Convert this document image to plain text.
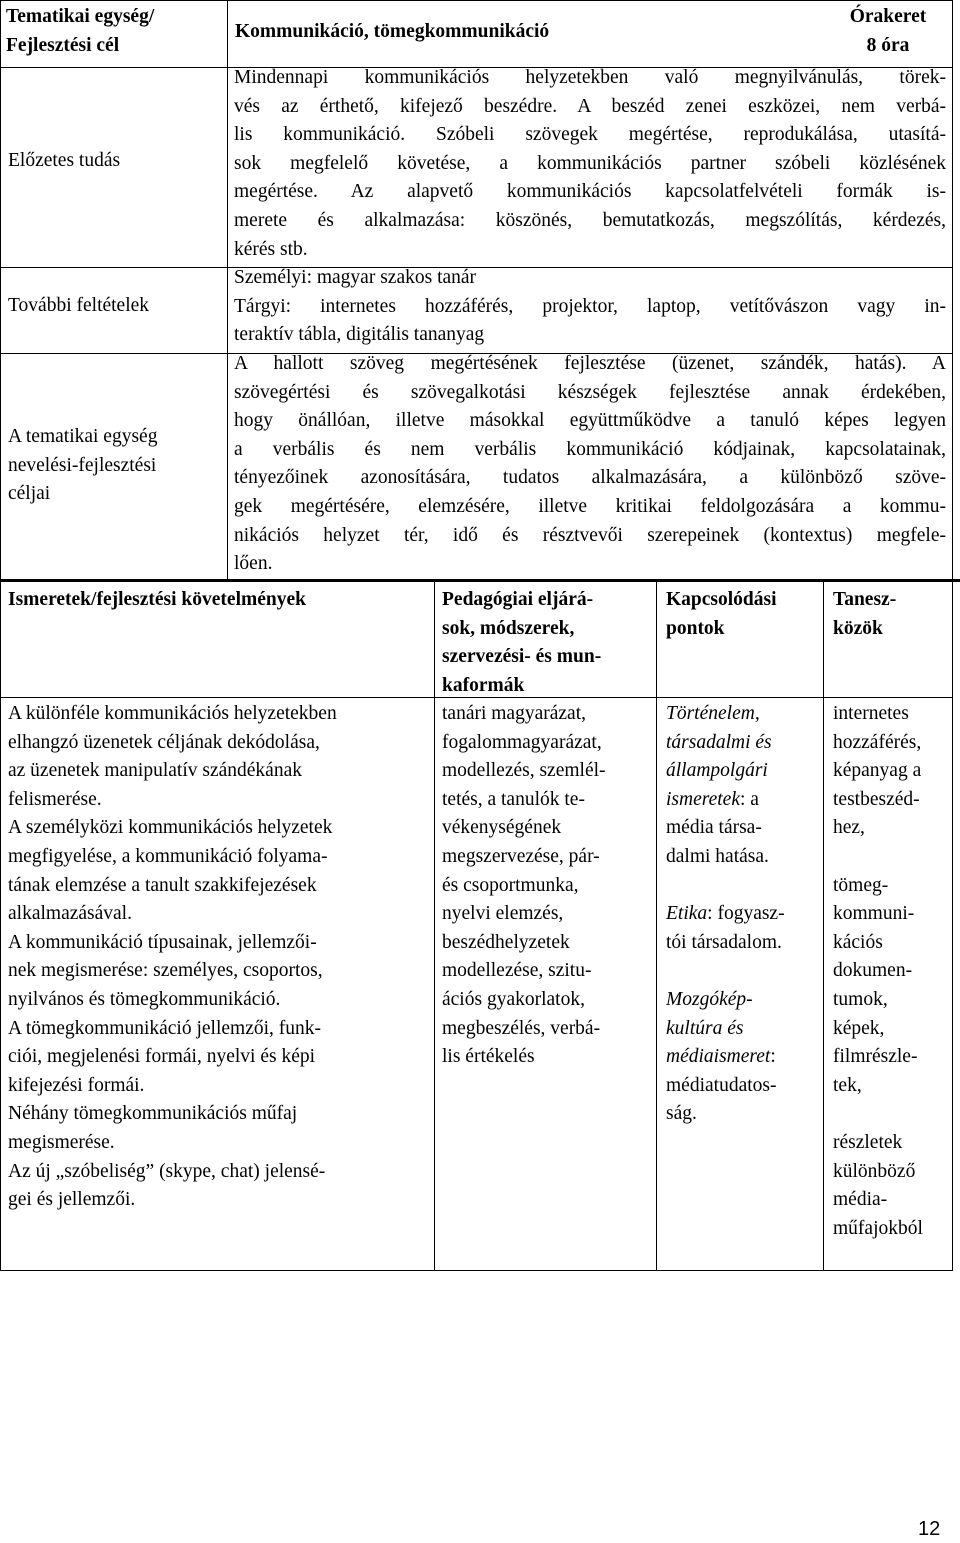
Tematikai egység/
Fejlesztési cél
Kommunikáció, tömegkommunikáció
Órakeret
8 óra
Előzetes tudás
Mindennapi kommunikációs helyzetekben való megnyilvánulás, törek-
vés az érthető, kifejező beszédre. A beszéd zenei eszközei, nem verbá-
lis kommunikáció. Szóbeli szövegek megértése, reprodukálása, utasítá-
sok megfelelő követése, a kommunikációs partner szóbeli közlésének
megértése. Az alapvető kommunikációs kapcsolatfelvételi formák is-
merete és alkalmazása: köszönés, bemutatkozás, megszólítás, kérdezés,
kérés stb.
További feltételek
Személyi: magyar szakos tanár
Tárgyi: internetes hozzáférés, projektor, laptop, vetítővászon vagy in-
teraktív tábla, digitális tananyag
A tematikai egység
nevelési-fejlesztési
céljai
A hallott szöveg megértésének fejlesztése (üzenet, szándék, hatás). A
szövegértési és szövegalkotási készségek fejlesztése annak érdekében,
hogy önállóan, illetve másokkal együttműködve a tanuló képes legyen
a verbális és nem verbális kommunikáció kódjainak, kapcsolatainak,
tényezőinek azonosítására, tudatos alkalmazására, a különböző szöve-
gek megértésére, elemzésére, illetve kritikai feldolgozására a kommu-
nikációs helyzet tér, idő és résztvevői szerepeinek (kontextus) megfele-
lően.
Ismeretek/fejlesztési követelmények	Pedagógiai eljárá-
sok, módszerek,
szervezési- és mun-
kaformák
Kapcsolódási
pontok
Tanesz-
közök
A különféle kommunikációs helyzetekben
elhangzó üzenetek céljának dekódolása,
az üzenetek manipulatív szándékának
felismerése.
A személyközi kommunikációs helyzetek
megfigyelése, a kommunikáció folyama-
tának elemzése a tanult szakkifejezések
alkalmazásával.
A kommunikáció típusainak, jellemzői-
nek megismerése: személyes, csoportos,
nyilvános és tömegkommunikáció.
A tömegkommunikáció jellemzői, funk-
ciói, megjelenési formái, nyelvi és képi
kifejezési formái.
Néhány tömegkommunikációs műfaj
megismerése.
Az új „szóbeliség” (skype, chat) jelensé-
gei és jellemzői.
tanári magyarázat,
fogalommagyarázat,
modellezés, szemlél-
tetés, a tanulók te-
vékenységének
megszervezése, pár-
és csoportmunka,
nyelvi elemzés,
beszédhelyzetek
modellezése, szitu-
ációs gyakorlatok,
megbeszélés, verbá-
lis értékelés
Történelem,
társadalmi és
állampolgári
ismeretek: a
média társa-
dalmi hatása.
Etika: fogyasz-
tói társadalom.
Mozgókép-
kultúra és
médiaismeret:
médiatudatos-
ság.
internetes
hozzáférés,
képanyag a
testbeszéd-
hez,
tömeg-
kommuni-
kációs
dokumen-
tumok,
képek,
filmrészle-
tek,
részletek
különböző
média-
műfajokból
12
